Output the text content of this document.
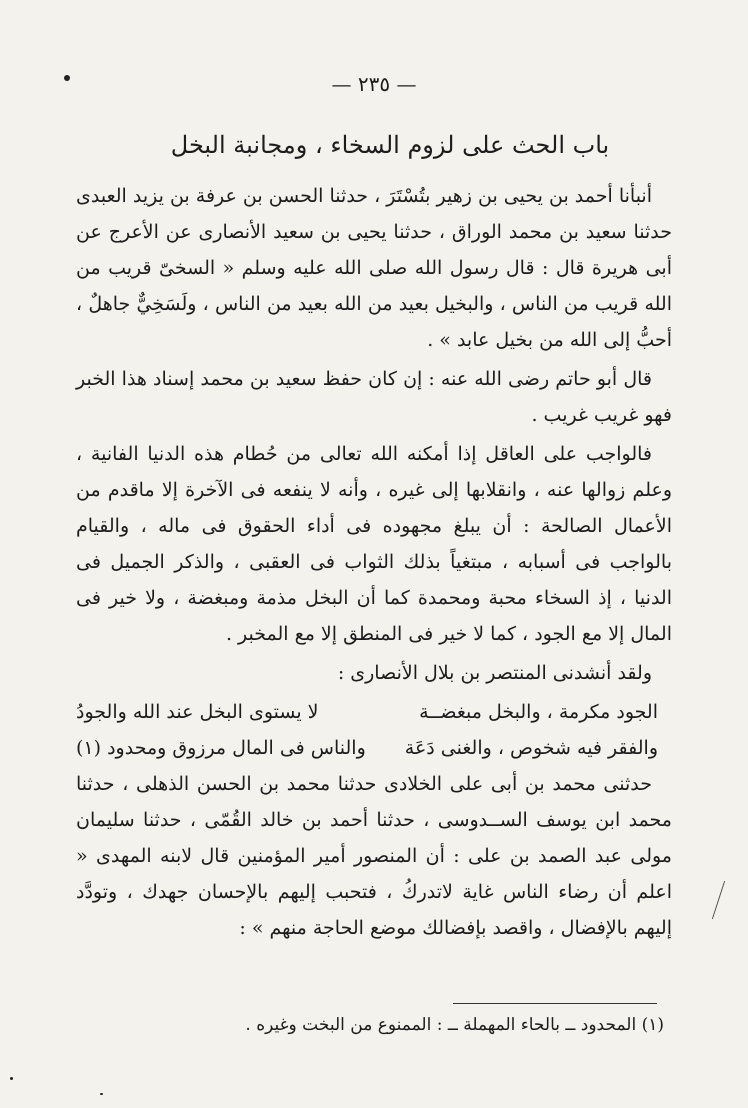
— ٢٣٥ —
باب الحث على لزوم السخاء ، ومجانبة البخل

أنبأنا أحمد بن يحيى بن زهير بتُسْتَرَ ، حدثنا الحسن بن عرفة بن يزيد العبدى حدثنا سعيد بن محمد الوراق ، حدثنا يحيى بن سعيد الأنصارى عن الأعرج عن أبى هريرة قال : قال رسول الله صلى الله عليه وسلم « السخىّ قريب من الله قريب من الناس ، والبخيل بعيد من الله بعيد من الناس ، ولَسَخِيٌّ جاهلٌ ، أحبُّ إلى الله من بخيل عابد » .

قال أبو حاتم رضى الله عنه : إن كان حفظ سعيد بن محمد إسناد هذا الخبر فهو غريب غريب .

فالواجب على العاقل إذا أمكنه الله تعالى من حُطام هذه الدنيا الفانية ، وعلم زوالها عنه ، وانقلابها إلى غيره ، وأنه لا ينفعه فى الآخرة إلا ماقدم من الأعمال الصالحة : أن يبلغ مجهوده فى أداء الحقوق فى ماله ، والقيام بالواجب فى أسبابه ، مبتغياً بذلك الثواب فى العقبى ، والذكر الجميل فى الدنيا ، إذ السخاء محبة ومحمدة كما أن البخل مذمة ومبغضة ، ولا خير فى المال إلا مع الجود ، كما لا خير فى المنطق إلا مع المخبر .

ولقد أنشدنى المنتصر بن بلال الأنصارى :

الجود مكرمة ، والبخل مبغضــة
لا يستوى البخل عند الله والجودُ
والفقر فيه شخوص ، والغنى دَعَة
والناس فى المال مرزوق ومحدود (١)

حدثنى محمد بن أبى على الخلادى حدثنا محمد بن الحسن الذهلى ، حدثنا محمد ابن يوسف الســدوسى ، حدثنا أحمد بن خالد القُمّى ، حدثنا سليمان مولى عبد الصمد بن على : أن المنصور أمير المؤمنين قال لابنه المهدى « اعلم أن رضاء الناس غاية لاتدركُ ، فتحبب إليهم بالإحسان جهدك ، وتودَّد إليهم بالإفضال ، واقصد بإفضالك موضع الحاجة منهم » :

(١) المحدود ــ بالحاء المهملة ــ : الممنوع من البخت وغيره .
